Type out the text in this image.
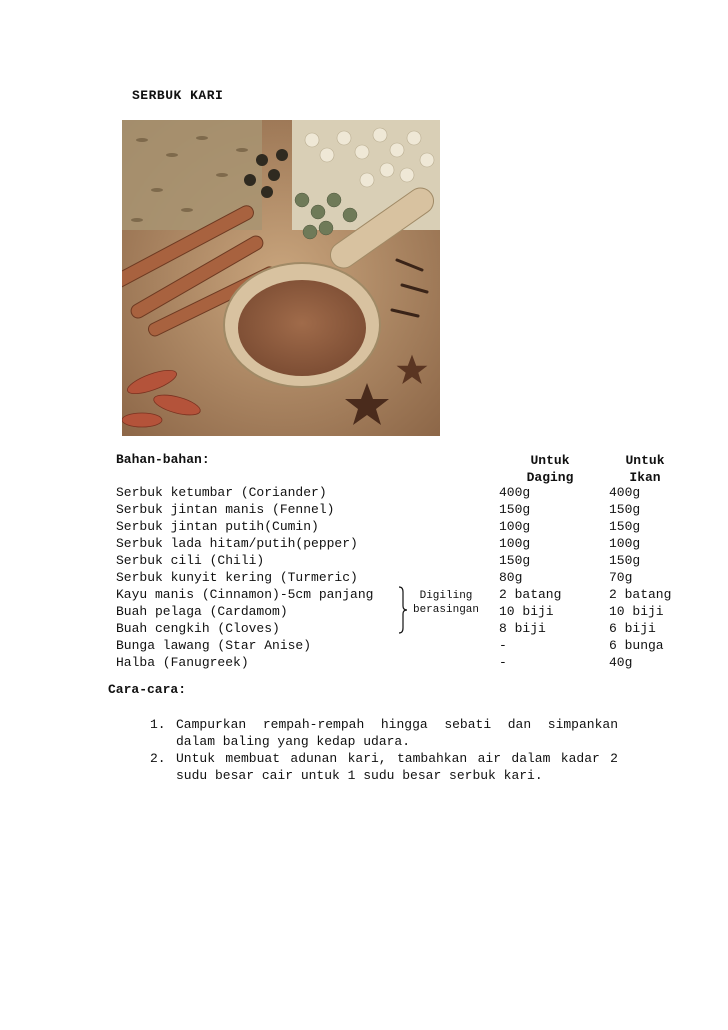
SERBUK KARI
Bahan-bahan:	Untuk
Daging
Untuk
Ikan
Serbuk ketumbar (Coriander)	400g	400g
Serbuk jintan manis (Fennel)	150g	150g
Serbuk jintan putih(Cumin)	100g	150g
Serbuk lada hitam/putih(pepper)	100g	100g
Serbuk cili (Chili)	150g	150g
Serbuk kunyit kering (Turmeric)	80g	70g
Kayu manis (Cinnamon)-5cm panjang	2 batang	2 batang
Buah pelaga (Cardamom)	10 biji	10 biji
Buah cengkih (Cloves)	8 biji	6 biji
Bunga lawang (Star Anise)	-	6 bunga
Halba (Fanugreek)	-	40g
Digiling
berasingan
Cara-cara:

1. Campurkan rempah-rempah hingga sebati dan simpankan dalam baling yang kedap udara.

2. Untuk membuat adunan kari, tambahkan air dalam kadar 2 sudu besar cair untuk 1 sudu besar serbuk kari.
